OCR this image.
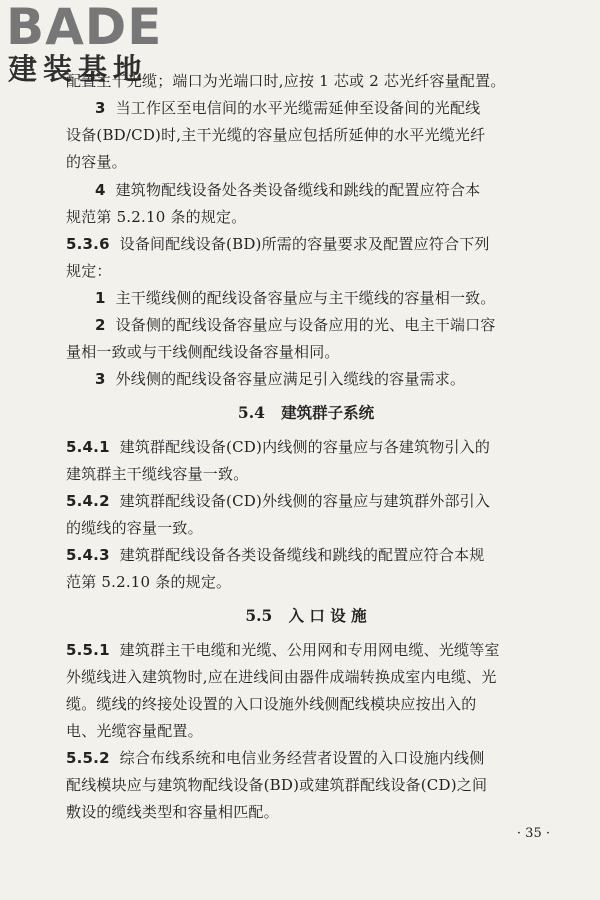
BADE
建装基地
配置主干光缆；端口为光端口时,应按 1 芯或 2 芯光纤容量配置。
3 当工作区至电信间的水平光缆需延伸至设备间的光配线
设备(BD/CD)时,主干光缆的容量应包括所延伸的水平光缆光纤
的容量。
4 建筑物配线设备处各类设备缆线和跳线的配置应符合本
规范第 5.2.10 条的规定。
5.3.6 设备间配线设备(BD)所需的容量要求及配置应符合下列
规定：
1 主干缆线侧的配线设备容量应与主干缆线的容量相一致。
2 设备侧的配线设备容量应与设备应用的光、电主干端口容
量相一致或与干线侧配线设备容量相同。
3 外线侧的配线设备容量应满足引入缆线的容量需求。
5.4 建筑群子系统
5.4.1 建筑群配线设备(CD)内线侧的容量应与各建筑物引入的
建筑群主干缆线容量一致。
5.4.2 建筑群配线设备(CD)外线侧的容量应与建筑群外部引入
的缆线的容量一致。
5.4.3 建筑群配线设备各类设备缆线和跳线的配置应符合本规
范第 5.2.10 条的规定。
5.5 入 口 设 施
5.5.1 建筑群主干电缆和光缆、公用网和专用网电缆、光缆等室
外缆线进入建筑物时,应在进线间由器件成端转换成室内电缆、光
缆。缆线的终接处设置的入口设施外线侧配线模块应按出入的
电、光缆容量配置。
5.5.2 综合布线系统和电信业务经营者设置的入口设施内线侧
配线模块应与建筑物配线设备(BD)或建筑群配线设备(CD)之间
敷设的缆线类型和容量相匹配。
· 35 ·
